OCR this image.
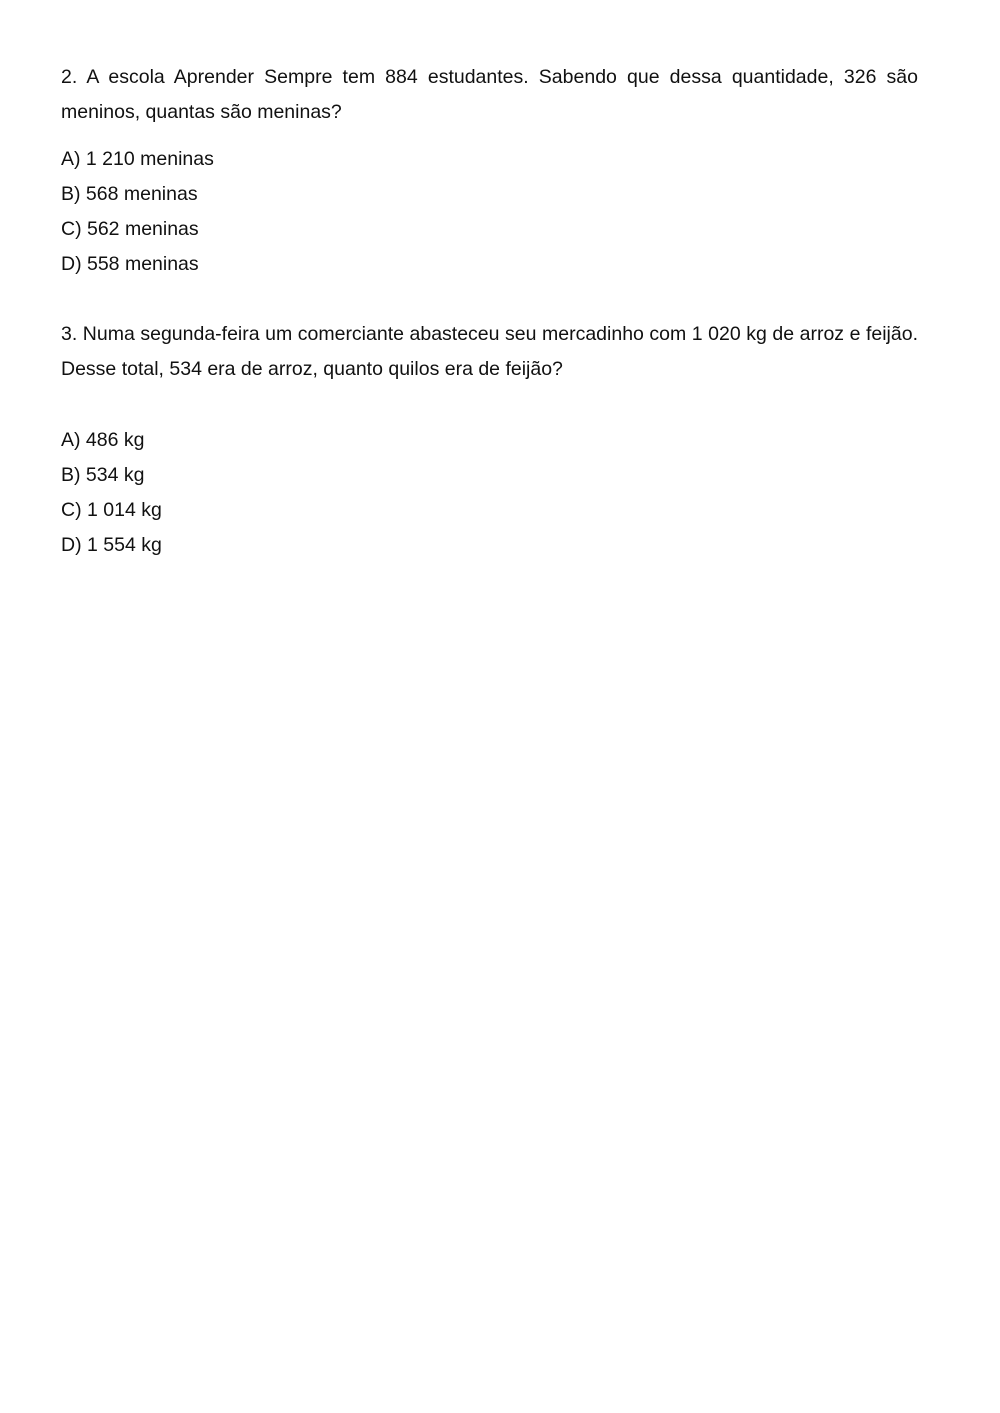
2. A escola Aprender Sempre tem 884 estudantes. Sabendo que dessa quantidade, 326 são meninos, quantas são meninas?

A) 1 210 meninas
B) 568 meninas
C) 562 meninas
D) 558 meninas

3. Numa segunda-feira um comerciante abasteceu seu mercadinho com 1 020 kg de arroz e feijão. Desse total, 534 era de arroz, quanto quilos era de feijão?

A) 486 kg
B) 534 kg
C) 1 014 kg
D) 1 554 kg
